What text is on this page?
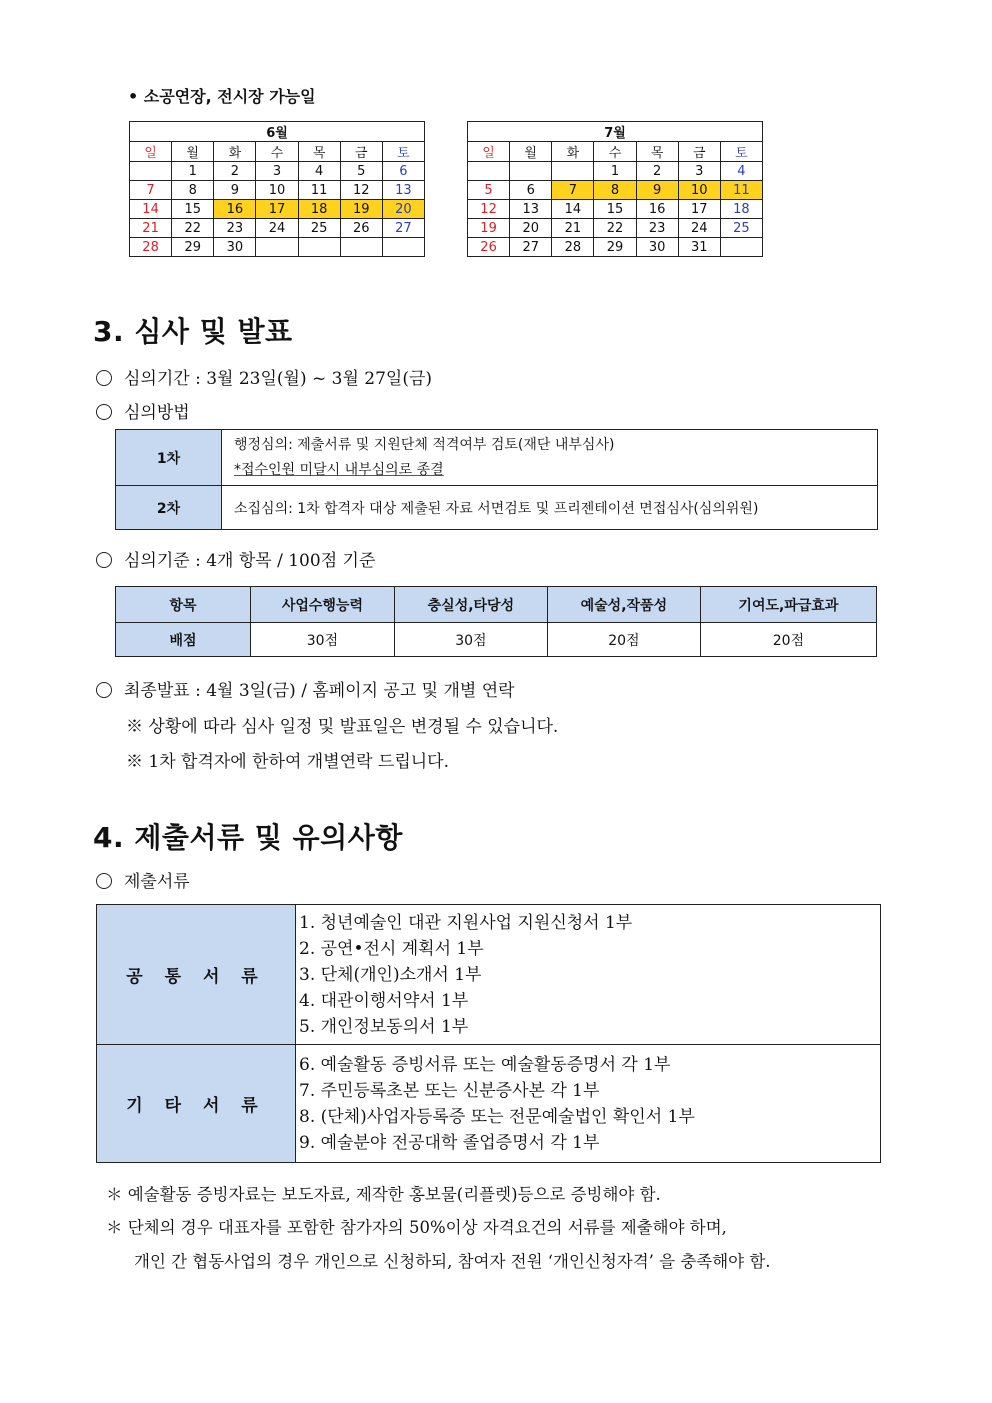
• 소공연장, 전시장 가능일
6월						
일	월	화	수	목	금	토
	1	2	3	4	5	6
7	8	9	10	11	12	13
14	15	16	17	18	19	20
21	22	23	24	25	26	27
28	29	30				
7월						
일	월	화	수	목	금	토
			1	2	3	4
5	6	7	8	9	10	11
12	13	14	15	16	17	18
19	20	21	22	23	24	25
26	27	28	29	30	31	
3. 심사 및 발표
심의기간 : 3월 23일(월) ~ 3월 27일(금)
심의방법
1차	행정심의: 제출서류 및 지원단체 적격여부 검토(재단 내부심사)
*접수인원 미달시 내부심의로 종결

2차	소집심의: 1차 합격자 대상 제출된 자료 서면검토 및 프리젠테이션 면접심사(심의위원)
심의기준 : 4개 항목 / 100점 기준
항목	사업수행능력	충실성,타당성	예술성,작품성	기여도,파급효과
배점	30점	30점	20점	20점
최종발표 : 4월 3일(금) / 홈페이지 공고 및 개별 연락
※ 상황에 따라 심사 일정 및 발표일은 변경될 수 있습니다.
※ 1차 합격자에 한하여 개별연락 드립니다.
4. 제출서류 및 유의사항
제출서류
공 통 서 류	1. 청년예술인 대관 지원사업 지원신청서 1부
2. 공연•전시 계획서 1부
3. 단체(개인)소개서 1부
4. 대관이행서약서 1부
5. 개인정보동의서 1부

기 타 서 류	6. 예술활동 증빙서류 또는 예술활동증명서 각 1부
7. 주민등록초본 또는 신분증사본 각 1부
8. (단체)사업자등록증 또는 전문예술법인 확인서 1부
9. 예술분야 전공대학 졸업증명서 각 1부
＊ 예술활동 증빙자료는 보도자료, 제작한 홍보물(리플렛)등으로 증빙해야 함.
＊ 단체의 경우 대표자를 포함한 참가자의 50%이상 자격요건의 서류를 제출해야 하며,
개인 간 협동사업의 경우 개인으로 신청하되, 참여자 전원 ‘개인신청자격’ 을 충족해야 함.
